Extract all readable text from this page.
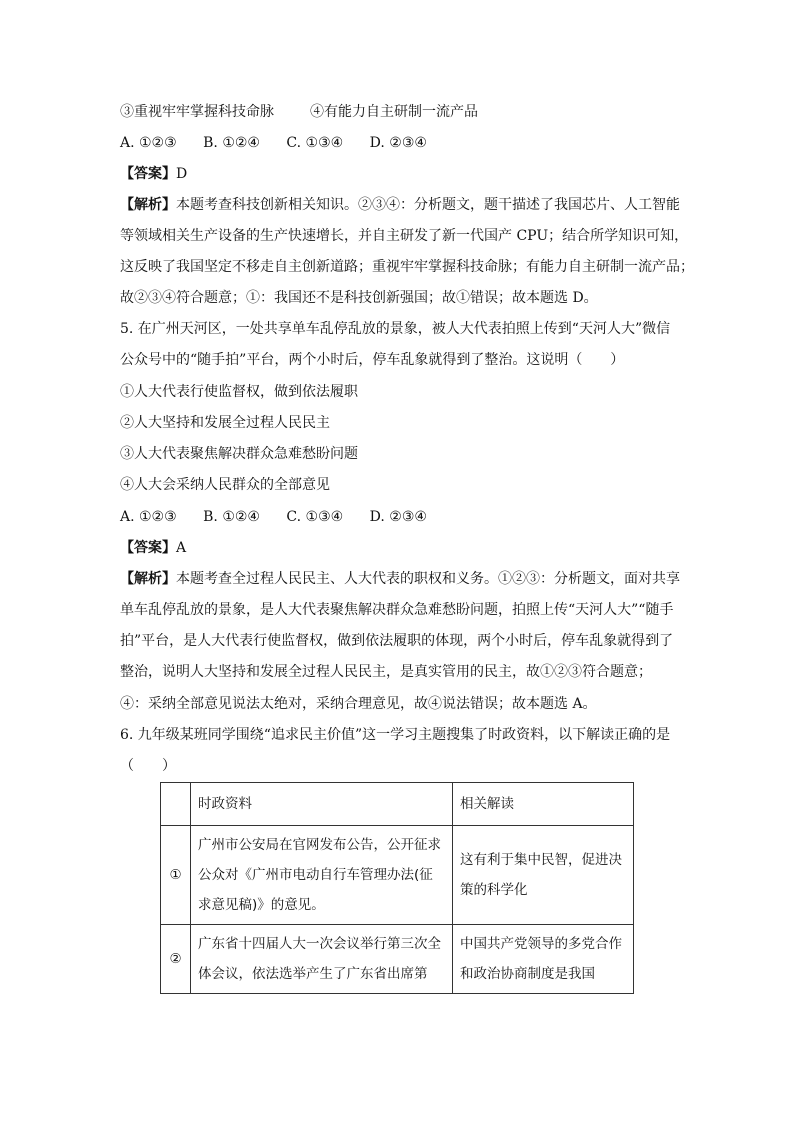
③重视牢牢掌握科技命脉	④有能力自主研制一流产品
A. ①②③ B. ①②④ C. ①③④ D. ②③④
【答案】D
【解析】本题考查科技创新相关知识。②③④：分析题文，题干描述了我国芯片、人工智能
等领域相关生产设备的生产快速增长，并自主研发了新一代国产 CPU；结合所学知识可知，
这反映了我国坚定不移走自主创新道路；重视牢牢掌握科技命脉；有能力自主研制一流产品；
故②③④符合题意；①：我国还不是科技创新强国；故①错误；故本题选 D。
5. 在广州天河区，一处共享单车乱停乱放的景象，被人大代表拍照上传到“天河人大”微信
公众号中的“随手拍”平台，两个小时后，停车乱象就得到了整治。这说明（　　）
①人大代表行使监督权，做到依法履职
②人大坚持和发展全过程人民民主
③人大代表聚焦解决群众急难愁盼问题
④人大会采纳人民群众的全部意见
A. ①②③ B. ①②④ C. ①③④ D. ②③④
【答案】A
【解析】本题考查全过程人民民主、人大代表的职权和义务。①②③：分析题文，面对共享
单车乱停乱放的景象，是人大代表聚焦解决群众急难愁盼问题，拍照上传“天河人大”“随手
拍”平台，是人大代表行使监督权，做到依法履职的体现，两个小时后，停车乱象就得到了
整治，说明人大坚持和发展全过程人民民主，是真实管用的民主，故①②③符合题意；
④：采纳全部意见说法太绝对，采纳合理意见，故④说法错误；故本题选 A。
6. 九年级某班同学围绕“追求民主价值”这一学习主题搜集了时政资料，以下解读正确的是
（　　）
	时政资料	相关解读
①	广州市公安局在官网发布公告，公开征求公众对《广州市电动自行车管理办法(征求意见稿)》的意见。	这有利于集中民智，促进决策的科学化
②	广东省十四届人大一次会议举行第三次全体会议，依法选举产生了广东省出席第	中国共产党领导的多党合作和政治协商制度是我国
